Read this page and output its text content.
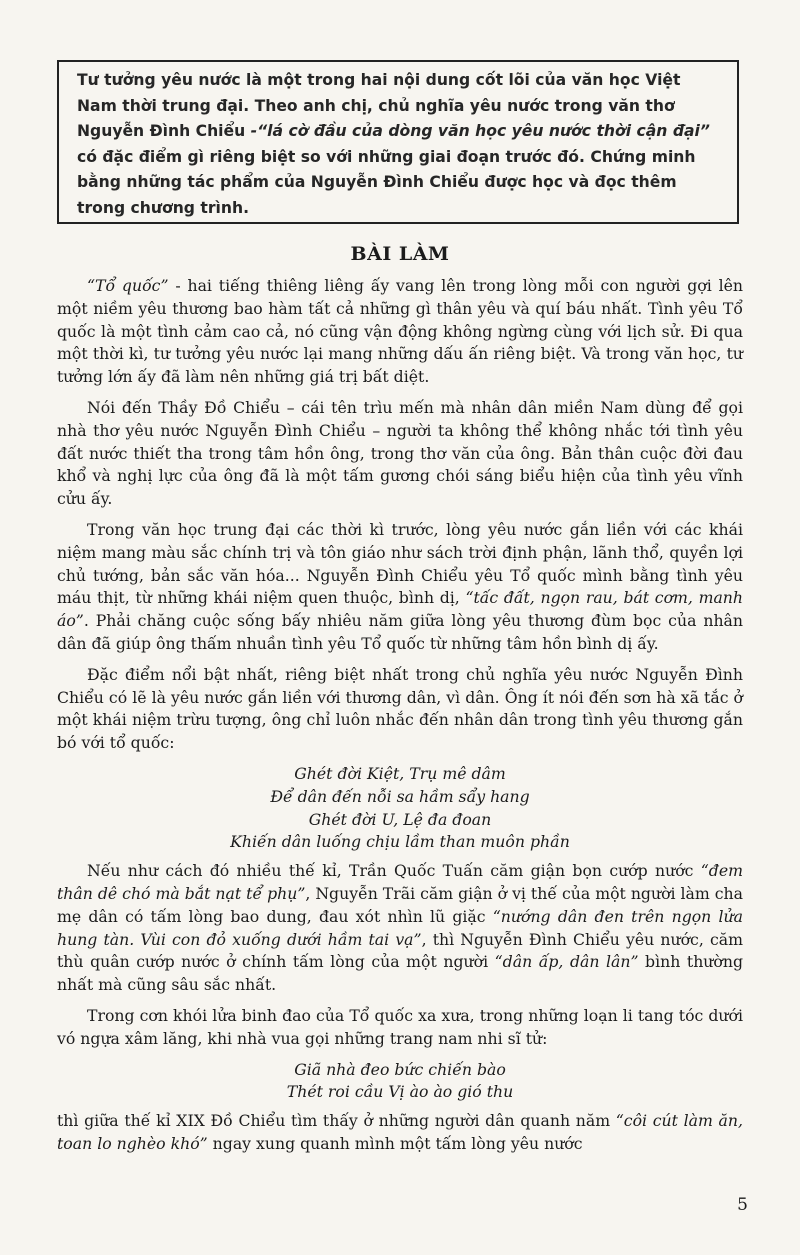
Tư tưởng yêu nước là một trong hai nội dung cốt lõi của văn học Việt Nam thời trung đại. Theo anh chị, chủ nghĩa yêu nước trong văn thơ Nguyễn Đình Chiểu -“lá cờ đầu của dòng văn học yêu nước thời cận đại” có đặc điểm gì riêng biệt so với những giai đoạn trước đó. Chứng minh bằng những tác phẩm của Nguyễn Đình Chiểu được học và đọc thêm trong chương trình.
BÀI LÀM

“Tổ quốc” - hai tiếng thiêng liêng ấy vang lên trong lòng mỗi con người gợi lên một niềm yêu thương bao hàm tất cả những gì thân yêu và quí báu nhất. Tình yêu Tổ quốc là một tình cảm cao cả, nó cũng vận động không ngừng cùng với lịch sử. Đi qua một thời kì, tư tưởng yêu nước lại mang những dấu ấn riêng biệt. Và trong văn học, tư tưởng lớn ấy đã làm nên những giá trị bất diệt.

Nói đến Thầy Đồ Chiểu – cái tên trìu mến mà nhân dân miền Nam dùng để gọi nhà thơ yêu nước Nguyễn Đình Chiểu – người ta không thể không nhắc tới tình yêu đất nước thiết tha trong tâm hồn ông, trong thơ văn của ông. Bản thân cuộc đời đau khổ và nghị lực của ông đã là một tấm gương chói sáng biểu hiện của tình yêu vĩnh cửu ấy.

Trong văn học trung đại các thời kì trước, lòng yêu nước gắn liền với các khái niệm mang màu sắc chính trị và tôn giáo như sách trời định phận, lãnh thổ, quyền lợi chủ tướng, bản sắc văn hóa... Nguyễn Đình Chiểu yêu Tổ quốc mình bằng tình yêu máu thịt, từ những khái niệm quen thuộc, bình dị, “tấc đất, ngọn rau, bát cơm, manh áo”. Phải chăng cuộc sống bấy nhiêu năm giữa lòng yêu thương đùm bọc của nhân dân đã giúp ông thấm nhuần tình yêu Tổ quốc từ những tâm hồn bình dị ấy.

Đặc điểm nổi bật nhất, riêng biệt nhất trong chủ nghĩa yêu nước Nguyễn Đình Chiểu có lẽ là yêu nước gắn liền với thương dân, vì dân. Ông ít nói đến sơn hà xã tắc ở một khái niệm trừu tượng, ông chỉ luôn nhắc đến nhân dân trong tình yêu thương gắn bó với tổ quốc:

Ghét đời Kiệt, Trụ mê dâm
Để dân đến nỗi sa hầm sẩy hang
Ghét đời U, Lệ đa đoan
Khiến dân luống chịu lầm than muôn phần

Nếu như cách đó nhiều thế kỉ, Trần Quốc Tuấn căm giận bọn cướp nước “đem thân dê chó mà bắt nạt tể phụ”, Nguyễn Trãi căm giận ở vị thế của một người làm cha mẹ dân có tấm lòng bao dung, đau xót nhìn lũ giặc “nướng dân đen trên ngọn lửa hung tàn. Vùi con đỏ xuống dưới hầm tai vạ”, thì Nguyễn Đình Chiểu yêu nước, căm thù quân cướp nước ở chính tấm lòng của một người “dân ấp, dân lân” bình thường nhất mà cũng sâu sắc nhất.

Trong cơn khói lửa binh đao của Tổ quốc xa xưa, trong những loạn li tang tóc dưới vó ngựa xâm lăng, khi nhà vua gọi những trang nam nhi sĩ tử:

Giã nhà đeo bức chiến bào
Thét roi cầu Vị ào ào gió thu

thì giữa thế kỉ XIX Đồ Chiểu tìm thấy ở những người dân quanh năm “côi cút làm ăn, toan lo nghèo khó” ngay xung quanh mình một tấm lòng yêu nước

5
